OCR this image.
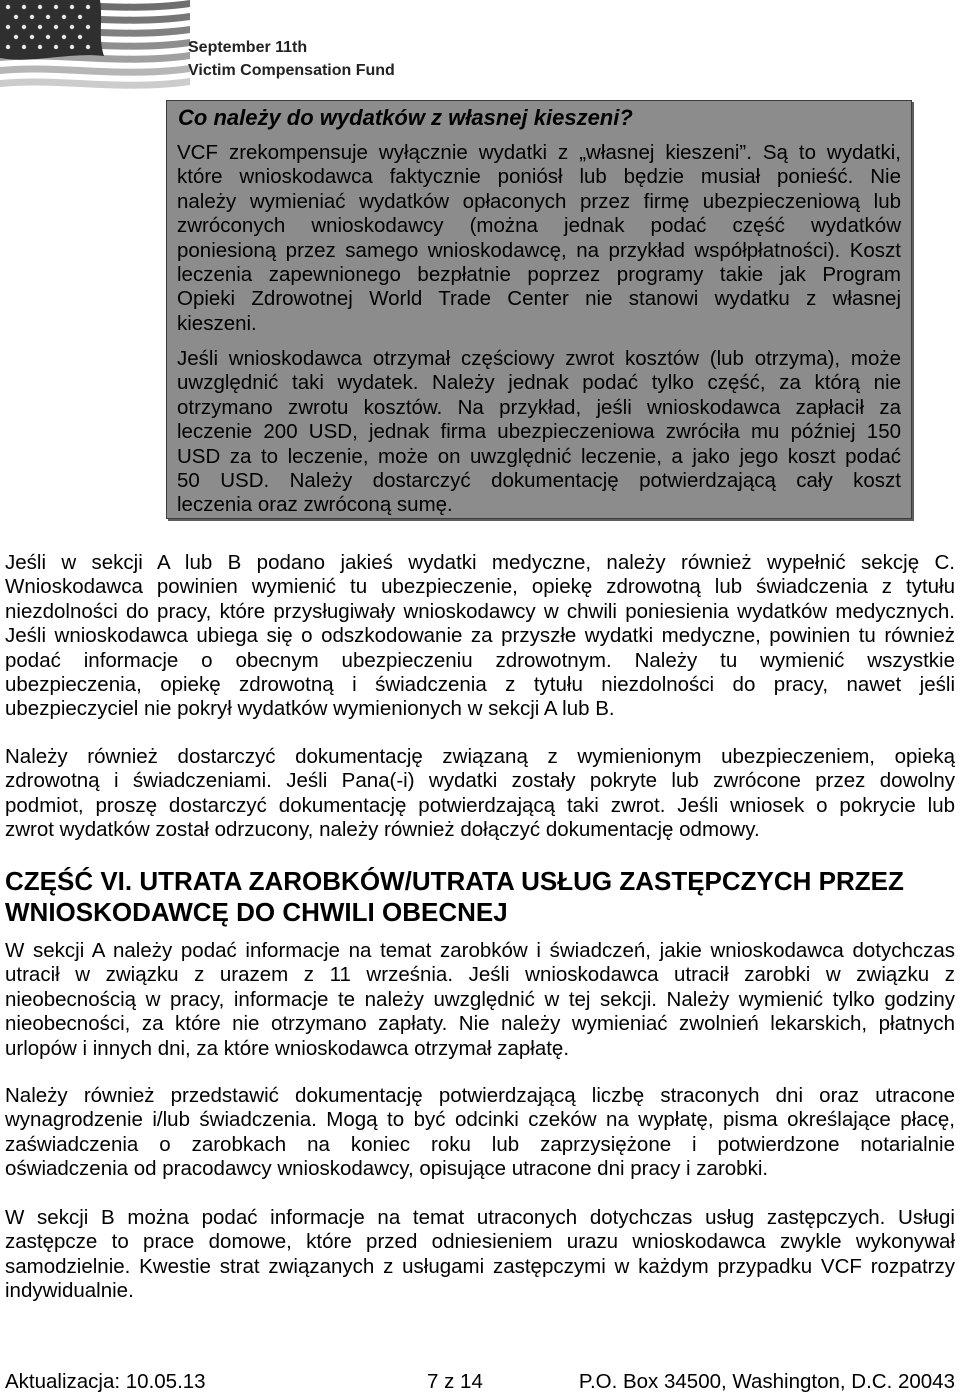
September 11th
Victim Compensation Fund
Co należy do wydatków z własnej kieszeni?
VCF zrekompensuje wyłącznie wydatki z „własnej kieszeni”. Są to wydatki,
które wnioskodawca faktycznie poniósł lub będzie musiał ponieść. Nie
należy wymieniać wydatków opłaconych przez firmę ubezpieczeniową lub
zwróconych wnioskodawcy (można jednak podać część wydatków
poniesioną przez samego wnioskodawcę, na przykład współpłatności). Koszt
leczenia zapewnionego bezpłatnie poprzez programy takie jak Program
Opieki Zdrowotnej World Trade Center nie stanowi wydatku z własnej
kieszeni.
Jeśli wnioskodawca otrzymał częściowy zwrot kosztów (lub otrzyma), może
uwzględnić taki wydatek. Należy jednak podać tylko część, za którą nie
otrzymano zwrotu kosztów. Na przykład, jeśli wnioskodawca zapłacił za
leczenie 200 USD, jednak firma ubezpieczeniowa zwróciła mu później 150
USD za to leczenie, może on uwzględnić leczenie, a jako jego koszt podać
50 USD. Należy dostarczyć dokumentację potwierdzającą cały koszt
leczenia oraz zwróconą sumę.
Jeśli w sekcji A lub B podano jakieś wydatki medyczne, należy również wypełnić sekcję C.
Wnioskodawca powinien wymienić tu ubezpieczenie, opiekę zdrowotną lub świadczenia z tytułu
niezdolności do pracy, które przysługiwały wnioskodawcy w chwili poniesienia wydatków medycznych.
Jeśli wnioskodawca ubiega się o odszkodowanie za przyszłe wydatki medyczne, powinien tu również
podać informacje o obecnym ubezpieczeniu zdrowotnym. Należy tu wymienić wszystkie
ubezpieczenia, opiekę zdrowotną i świadczenia z tytułu niezdolności do pracy, nawet jeśli
ubezpieczyciel nie pokrył wydatków wymienionych w sekcji A lub B.
Należy również dostarczyć dokumentację związaną z wymienionym ubezpieczeniem, opieką
zdrowotną i świadczeniami. Jeśli Pana(-i) wydatki zostały pokryte lub zwrócone przez dowolny
podmiot, proszę dostarczyć dokumentację potwierdzającą taki zwrot. Jeśli wniosek o pokrycie lub
zwrot wydatków został odrzucony, należy również dołączyć dokumentację odmowy.
CZĘŚĆ VI. UTRATA ZAROBKÓW/UTRATA USŁUG ZASTĘPCZYCH PRZEZ
WNIOSKODAWCĘ DO CHWILI OBECNEJ
W sekcji A należy podać informacje na temat zarobków i świadczeń, jakie wnioskodawca dotychczas
utracił w związku z urazem z 11 września. Jeśli wnioskodawca utracił zarobki w związku z
nieobecnością w pracy, informacje te należy uwzględnić w tej sekcji. Należy wymienić tylko godziny
nieobecności, za które nie otrzymano zapłaty. Nie należy wymieniać zwolnień lekarskich, płatnych
urlopów i innych dni, za które wnioskodawca otrzymał zapłatę.
Należy również przedstawić dokumentację potwierdzającą liczbę straconych dni oraz utracone
wynagrodzenie i/lub świadczenia. Mogą to być odcinki czeków na wypłatę, pisma określające płacę,
zaświadczenia o zarobkach na koniec roku lub zaprzysiężone i potwierdzone notarialnie
oświadczenia od pracodawcy wnioskodawcy, opisujące utracone dni pracy i zarobki.
W sekcji B można podać informacje na temat utraconych dotychczas usług zastępczych. Usługi
zastępcze to prace domowe, które przed odniesieniem urazu wnioskodawca zwykle wykonywał
samodzielnie. Kwestie strat związanych z usługami zastępczymi w każdym przypadku VCF rozpatrzy
indywidualnie.
Aktualizacja: 10.05.13	7 z 14	P.O. Box 34500, Washington, D.C. 20043
